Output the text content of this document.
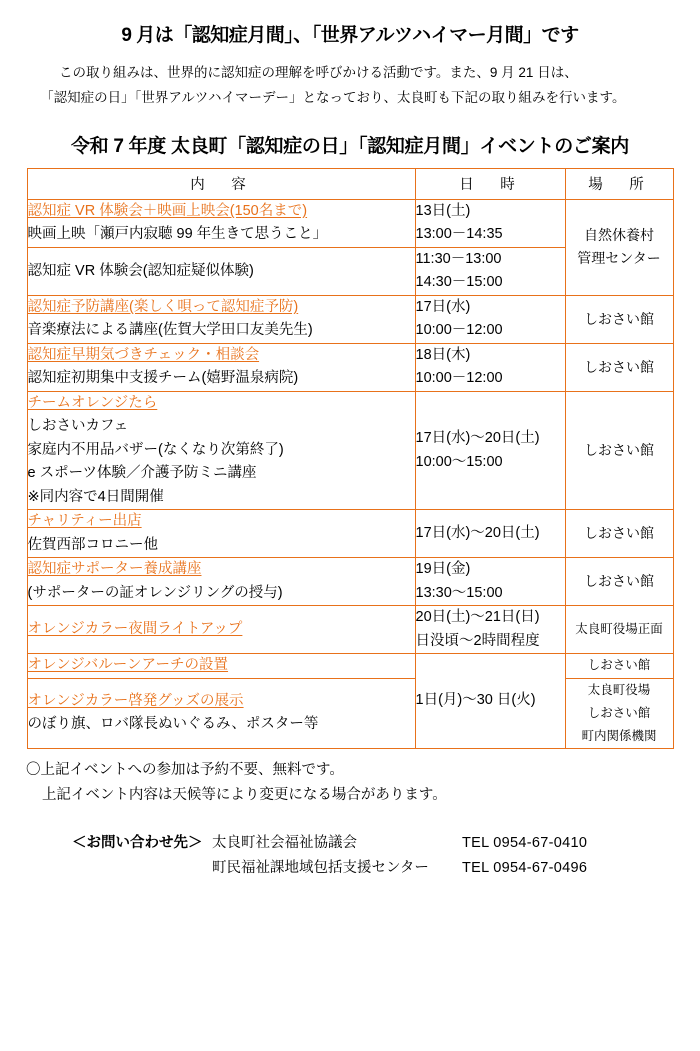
9 月は「認知症月間」、「世界アルツハイマー月間」です

この取り組みは、世界的に認知症の理解を呼びかける活動です。また、9 月 21 日は、

「認知症の日」「世界アルツハイマーデー」となっており、太良町も下記の取り組みを行います。

令和 7 年度 太良町「認知症の日」「認知症月間」イベントのご案内
内　容	日　時	場　所

認知症 VR 体験会＋映画上映会(150名まで)
映画上映「瀬戸内寂聴 99 年生きて思うこと」	13日(土)
13:00－14:35	自然休養村
管理センター

認知症 VR 体験会(認知症疑似体験)	11:30－13:00
14:30－15:00	

認知症予防講座(楽しく唄って認知症予防)
音楽療法による講座(佐賀大学田口友美先生)	17日(水)
10:00－12:00	しおさい館

認知症早期気づきチェック・相談会
認知症初期集中支援チーム(嬉野温泉病院)	18日(木)
10:00－12:00	しおさい館

チームオレンジたら
しおさいカフェ
家庭内不用品バザー(なくなり次第終了)
e スポーツ体験／介護予防ミニ講座
※同内容で4日間開催	17日(水)～20日(土)
10:00～15:00	しおさい館

チャリティー出店
佐賀西部コロニー他	17日(水)～20日(土)	しおさい館

認知症サポーター養成講座
(サポーターの証オレンジリングの授与)	19日(金)
13:30～15:00	しおさい館

オレンジカラー夜間ライトアップ	20日(土)～21日(日)
日没頃～2時間程度	太良町役場正面

オレンジバルーンアーチの設置	1日(月)～30 日(火)	しおさい館

オレンジカラー啓発グッズの展示
のぼり旗、ロバ隊長ぬいぐるみ、ポスター等		太良町役場
しおさい館
町内関係機関

〇上記イベントへの参加は予約不要、無料です。

上記イベント内容は天候等により変更になる場合があります。

＜お問い合わせ先＞ 太良町社会福祉協議会	TEL 0954-67-0410
町民福祉課地域包括支援センター	TEL 0954-67-0496
